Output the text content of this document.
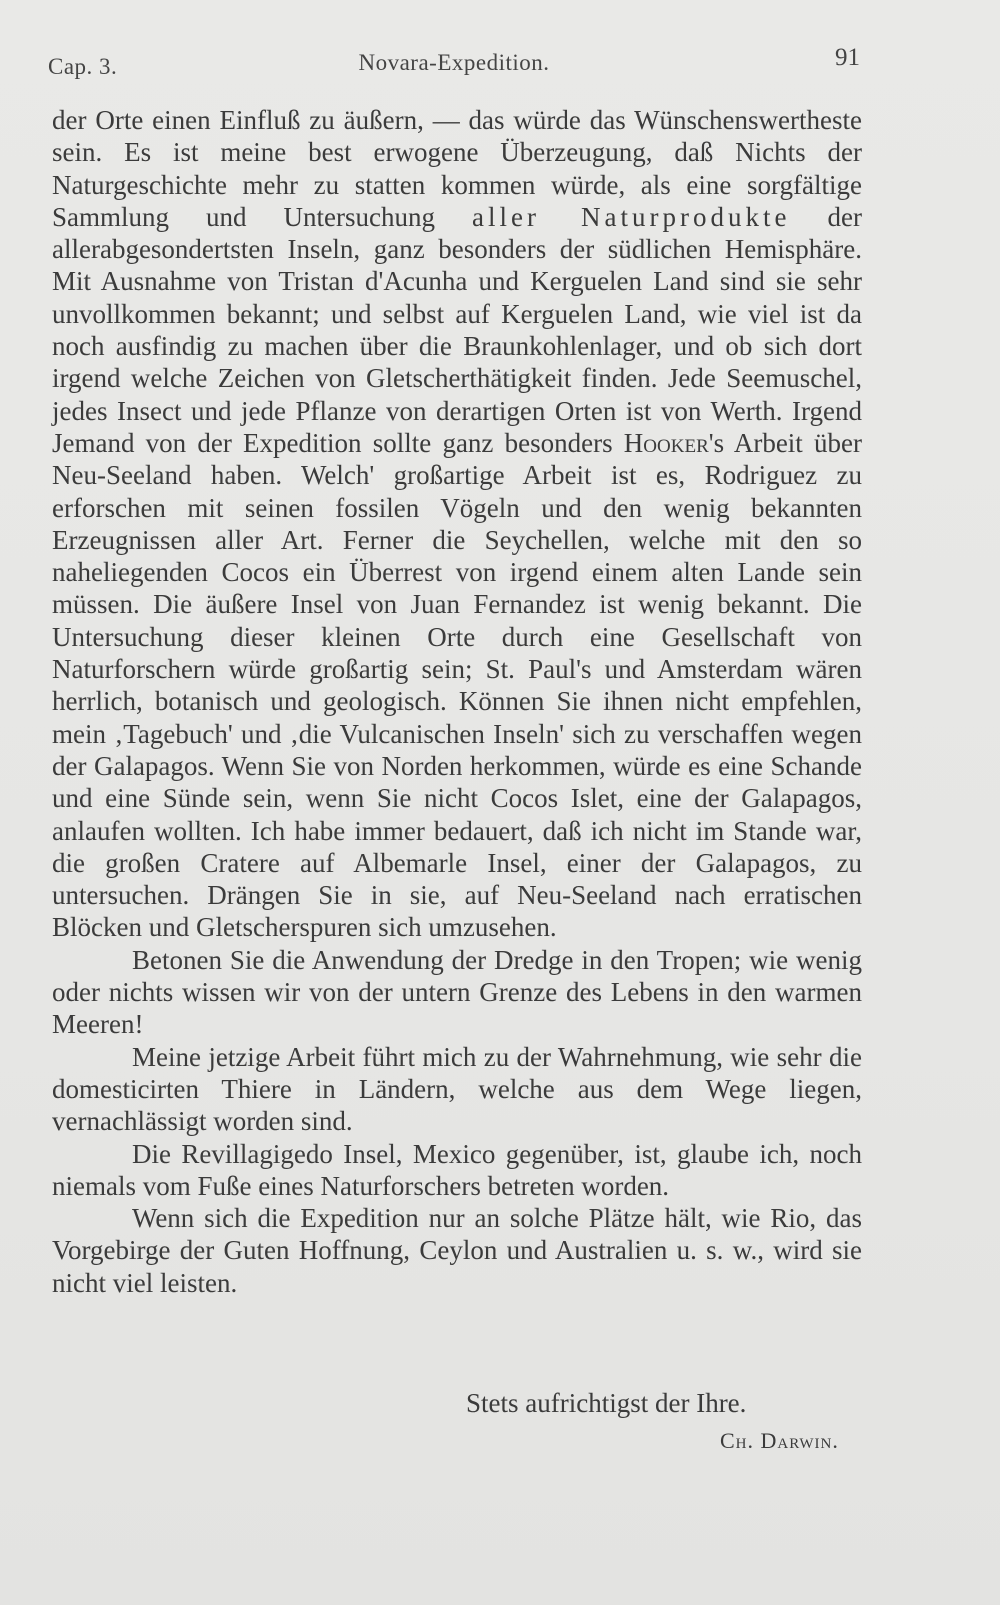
Cap. 3.	Novara-Expedition.	91

der Orte einen Einfluß zu äußern, — das würde das Wünschenswertheste sein. Es ist meine best erwogene Überzeugung, daß Nichts der Naturgeschichte mehr zu statten kommen würde, als eine sorgfältige Sammlung und Untersuchung aller Naturprodukte der allerabgesondertsten Inseln, ganz besonders der südlichen Hemisphäre. Mit Ausnahme von Tristan d'Acunha und Kerguelen Land sind sie sehr unvollkommen bekannt; und selbst auf Kerguelen Land, wie viel ist da noch ausfindig zu machen über die Braunkohlenlager, und ob sich dort irgend welche Zeichen von Gletscherthätigkeit finden. Jede Seemuschel, jedes Insect und jede Pflanze von derartigen Orten ist von Werth. Irgend Jemand von der Expedition sollte ganz besonders Hooker's Arbeit über Neu-Seeland haben. Welch' großartige Arbeit ist es, Rodriguez zu erforschen mit seinen fossilen Vögeln und den wenig bekannten Erzeugnissen aller Art. Ferner die Seychellen, welche mit den so naheliegenden Cocos ein Überrest von irgend einem alten Lande sein müssen. Die äußere Insel von Juan Fernandez ist wenig bekannt. Die Untersuchung dieser kleinen Orte durch eine Gesellschaft von Naturforschern würde großartig sein; St. Paul's und Amsterdam wären herrlich, botanisch und geologisch. Können Sie ihnen nicht empfehlen, mein ‚Tagebuch' und ‚die Vulcanischen Inseln' sich zu verschaffen wegen der Galapagos. Wenn Sie von Norden herkommen, würde es eine Schande und eine Sünde sein, wenn Sie nicht Cocos Islet, eine der Galapagos, anlaufen wollten. Ich habe immer bedauert, daß ich nicht im Stande war, die großen Cratere auf Albemarle Insel, einer der Galapagos, zu untersuchen. Drängen Sie in sie, auf Neu-Seeland nach erratischen Blöcken und Gletscherspuren sich umzusehen.

Betonen Sie die Anwendung der Dredge in den Tropen; wie wenig oder nichts wissen wir von der untern Grenze des Lebens in den warmen Meeren!

Meine jetzige Arbeit führt mich zu der Wahrnehmung, wie sehr die domesticirten Thiere in Ländern, welche aus dem Wege liegen, vernachlässigt worden sind.

Die Revillagigedo Insel, Mexico gegenüber, ist, glaube ich, noch niemals vom Fuße eines Naturforschers betreten worden.

Wenn sich die Expedition nur an solche Plätze hält, wie Rio, das Vorgebirge der Guten Hoffnung, Ceylon und Australien u. s. w., wird sie nicht viel leisten.

Stets aufrichtigst der Ihre.
Ch. Darwin.
